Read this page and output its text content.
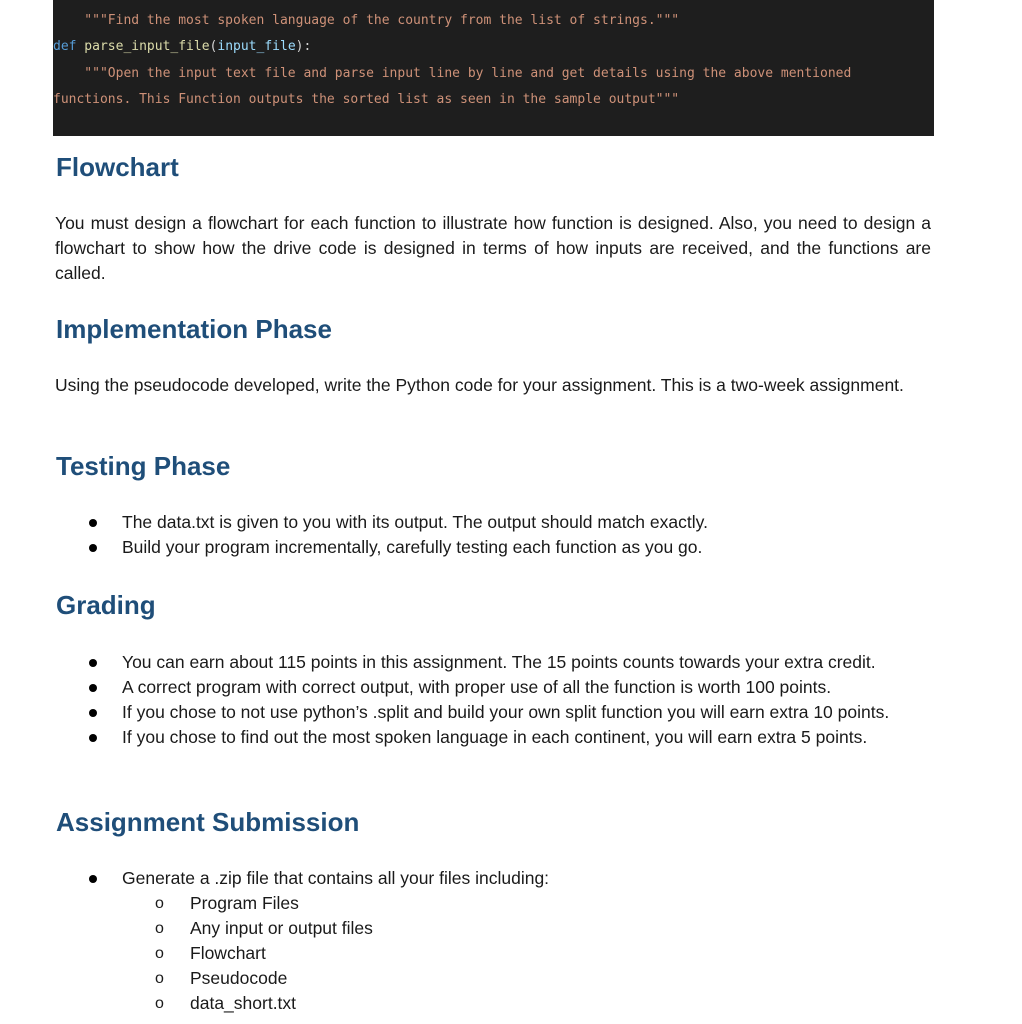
"""Find the most spoken language of the country from the list of strings."""
def parse_input_file(input_file):
"""Open the input text file and parse input line by line and get details using the above mentioned
functions. This Function outputs the sorted list as seen in the sample output"""
Flowchart

You must design a flowchart for each function to illustrate how function is designed. Also, you need to design a flowchart to show how the drive code is designed in terms of how inputs are received, and the functions are called.

Implementation Phase

Using the pseudocode developed, write the Python code for your assignment. This is a two-week assignment.

Testing Phase
The data.txt is given to you with its output. The output should match exactly.
Build your program incrementally, carefully testing each function as you go.
Grading
You can earn about 115 points in this assignment. The 15 points counts towards your extra credit.
A correct program with correct output, with proper use of all the function is worth 100 points.
If you chose to not use python’s .split and build your own split function you will earn extra 10 points.
If you chose to find out the most spoken language in each continent, you will earn extra 5 points.
Assignment Submission
Generate a .zip file that contains all your files including:
o Program Files
o Any input or output files
o Flowchart
o Pseudocode
o data_short.txt
